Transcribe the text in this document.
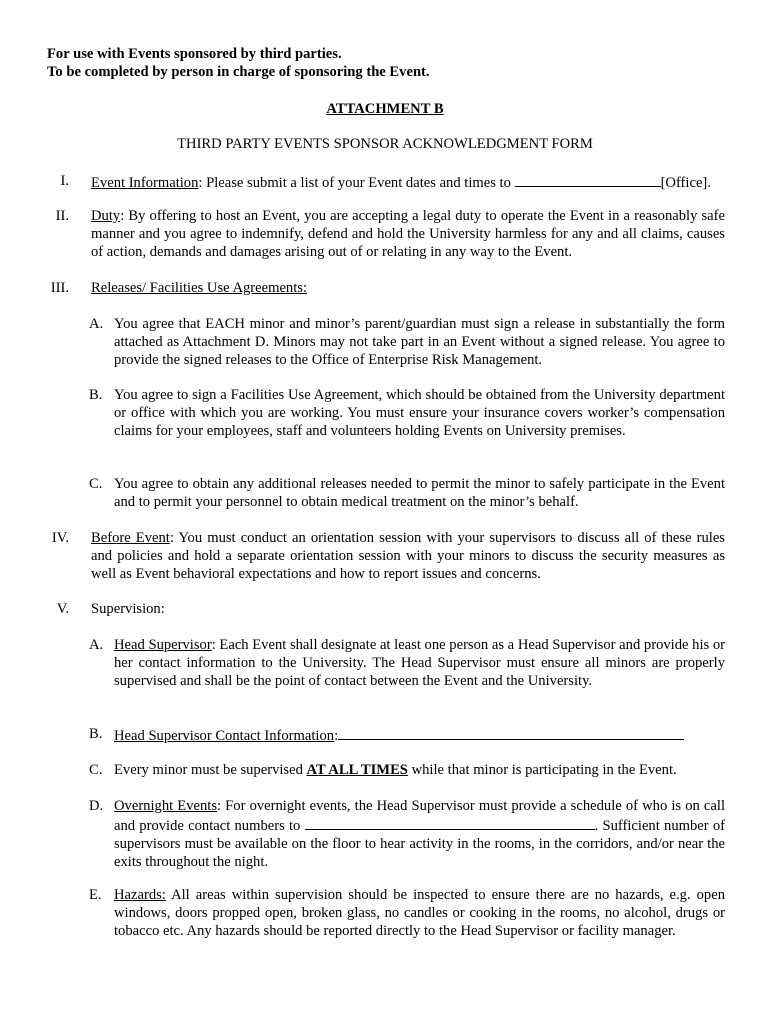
For use with Events sponsored by third parties.
To be completed by person in charge of sponsoring the Event.
ATTACHMENT B
THIRD PARTY EVENTS SPONSOR ACKNOWLEDGMENT FORM
I. Event Information: Please submit a list of your Event dates and times to	[Office].
II. Duty: By offering to host an Event, you are accepting a legal duty to operate the Event in a reasonably safe manner and you agree to indemnify, defend and hold the University harmless for any and all claims, causes of action, demands and damages arising out of or relating in any way to the Event.
III. Releases/ Facilities Use Agreements:
A. You agree that EACH minor and minor’s parent/guardian must sign a release in substantially the form attached as Attachment D. Minors may not take part in an Event without a signed release. You agree to provide the signed releases to the Office of Enterprise Risk Management.
B. You agree to sign a Facilities Use Agreement, which should be obtained from the University department or office with which you are working. You must ensure your insurance covers worker’s compensation claims for your employees, staff and volunteers holding Events on University premises.
C. You agree to obtain any additional releases needed to permit the minor to safely participate in the Event and to permit your personnel to obtain medical treatment on the minor’s behalf.
IV. Before Event: You must conduct an orientation session with your supervisors to discuss all of these rules and policies and hold a separate orientation session with your minors to discuss the security measures as well as Event behavioral expectations and how to report issues and concerns.
V. Supervision:
A. Head Supervisor: Each Event shall designate at least one person as a Head Supervisor and provide his or her contact information to the University. The Head Supervisor must ensure all minors are properly supervised and shall be the point of contact between the Event and the University.
B. Head Supervisor Contact Information:
C. Every minor must be supervised AT ALL TIMES while that minor is participating in the Event.
D. Overnight Events: For overnight events, the Head Supervisor must provide a schedule of who is on call and provide contact numbers to	. Sufficient number of supervisors must be available on the floor to hear activity in the rooms, in the corridors, and/or near the exits throughout the night.
E. Hazards: All areas within supervision should be inspected to ensure there are no hazards, e.g. open windows, doors propped open, broken glass, no candles or cooking in the rooms, no alcohol, drugs or tobacco etc. Any hazards should be reported directly to the Head Supervisor or facility manager.
